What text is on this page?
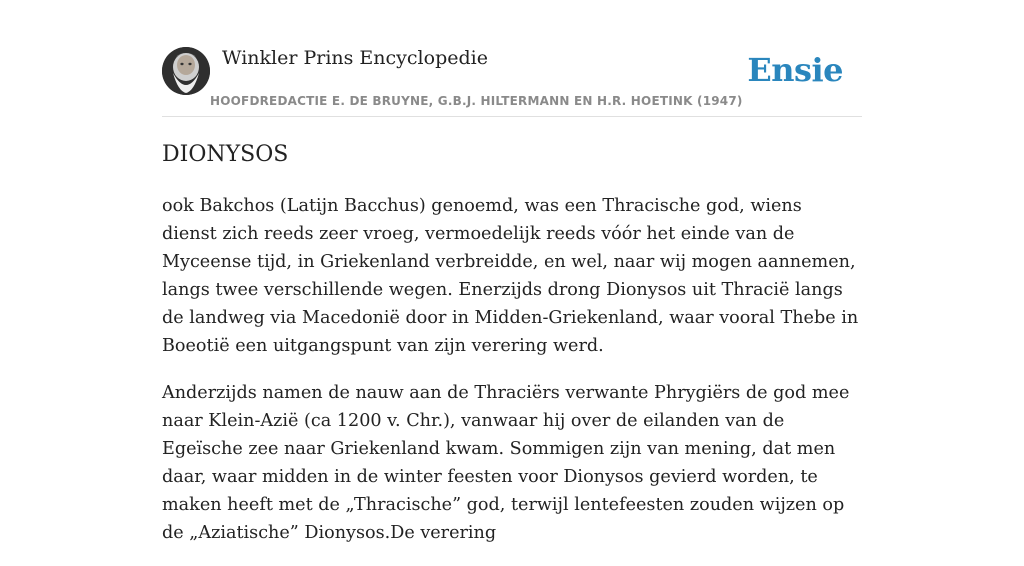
Winkler Prins Encyclopedie
HOOFDREDACTIE E. DE BRUYNE, G.B.J. HILTERMANN EN H.R. HOETINK (1947)
Ensie
DIONYSOS

ook Bakchos (Latijn Bacchus) genoemd, was een Thracische god, wiens dienst zich reeds zeer vroeg, vermoedelijk reeds vóór het einde van de Myceense tijd, in Griekenland verbreidde, en wel, naar wij mogen aannemen, langs twee verschillende wegen. Enerzijds drong Dionysos uit Thracië langs de landweg via Macedonië door in Midden-Griekenland, waar vooral Thebe in Boeotië een uitgangspunt van zijn verering werd.

Anderzijds namen de nauw aan de Thraciërs verwante Phrygiërs de god mee naar Klein-Azië (ca 1200 v. Chr.), vanwaar hij over de eilanden van de Egeïsche zee naar Griekenland kwam. Sommigen zijn van mening, dat men daar, waar midden in de winter feesten voor Dionysos gevierd worden, te maken heeft met de „Thracische” god, terwijl lentefeesten zouden wijzen op de „Aziatische” Dionysos.De verering
